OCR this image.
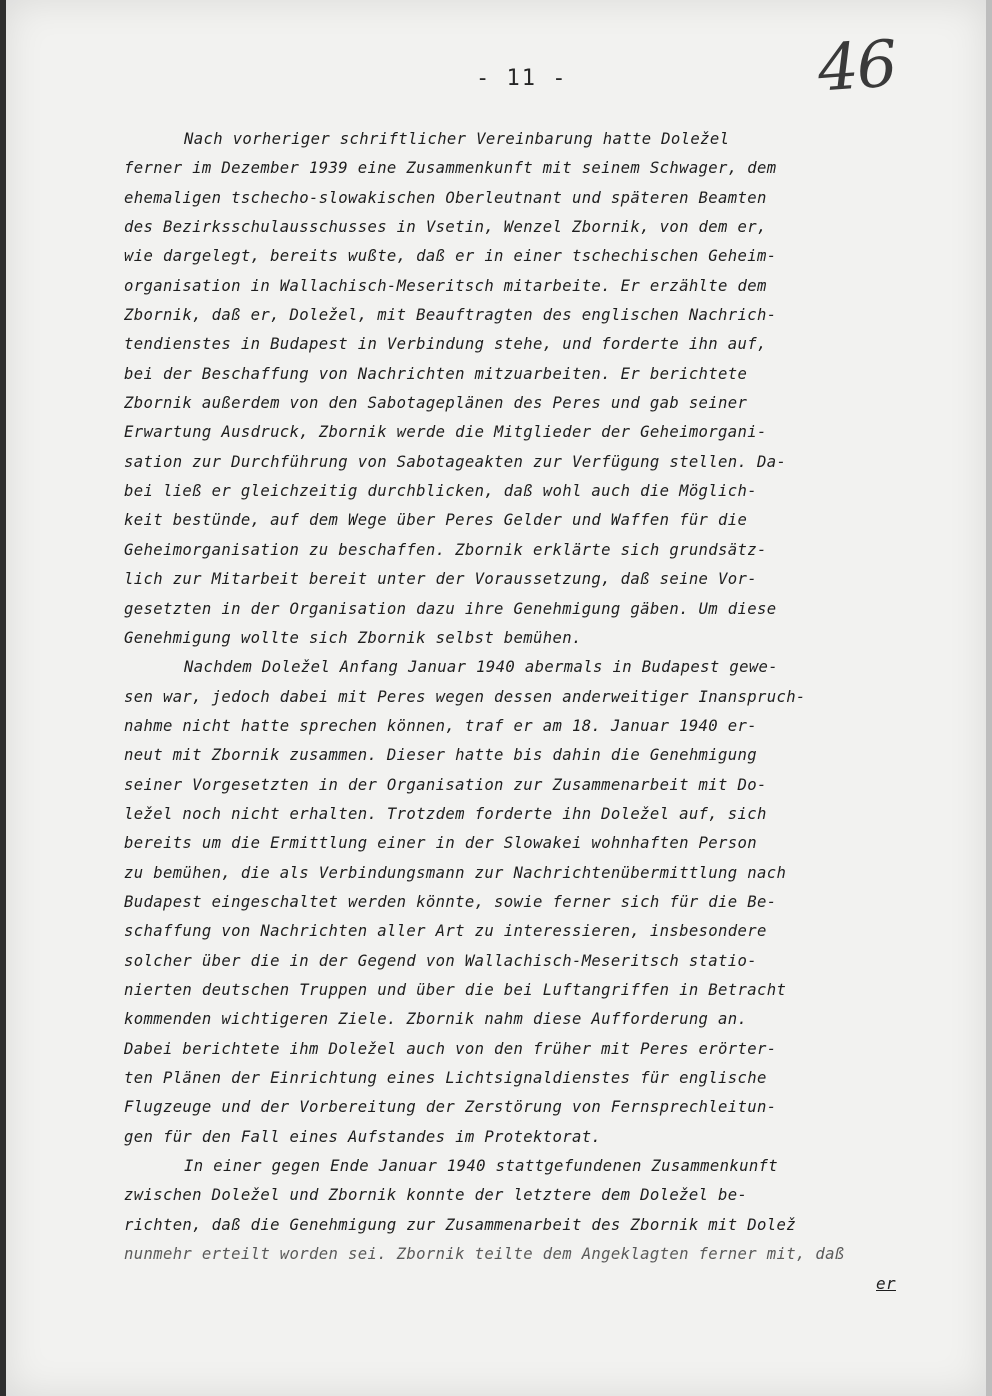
- 11 -	46
Nach vorheriger schriftlicher Vereinbarung hatte Doležel
ferner im Dezember 1939 eine Zusammenkunft mit seinem Schwager, dem
ehemaligen tschecho-slowakischen Oberleutnant und späteren Beamten
des Bezirksschulausschusses in Vsetin, Wenzel Zbornik, von dem er,
wie dargelegt, bereits wußte, daß er in einer tschechischen Geheim-
organisation in Wallachisch-Meseritsch mitarbeite. Er erzählte dem
Zbornik, daß er, Doležel, mit Beauftragten des englischen Nachrich-
tendienstes in Budapest in Verbindung stehe, und forderte ihn auf,
bei der Beschaffung von Nachrichten mitzuarbeiten. Er berichtete
Zbornik außerdem von den Sabotageplänen des Peres und gab seiner
Erwartung Ausdruck, Zbornik werde die Mitglieder der Geheimorgani-
sation zur Durchführung von Sabotageakten zur Verfügung stellen. Da-
bei ließ er gleichzeitig durchblicken, daß wohl auch die Möglich-
keit bestünde, auf dem Wege über Peres Gelder und Waffen für die
Geheimorganisation zu beschaffen. Zbornik erklärte sich grundsätz-
lich zur Mitarbeit bereit unter der Voraussetzung, daß seine Vor-
gesetzten in der Organisation dazu ihre Genehmigung gäben. Um diese
Genehmigung wollte sich Zbornik selbst bemühen.
Nachdem Doležel Anfang Januar 1940 abermals in Budapest gewe-
sen war, jedoch dabei mit Peres wegen dessen anderweitiger Inanspruch-
nahme nicht hatte sprechen können, traf er am 18. Januar 1940 er-
neut mit Zbornik zusammen. Dieser hatte bis dahin die Genehmigung
seiner Vorgesetzten in der Organisation zur Zusammenarbeit mit Do-
ležel noch nicht erhalten. Trotzdem forderte ihn Doležel auf, sich
bereits um die Ermittlung einer in der Slowakei wohnhaften Person
zu bemühen, die als Verbindungsmann zur Nachrichtenübermittlung nach
Budapest eingeschaltet werden könnte, sowie ferner sich für die Be-
schaffung von Nachrichten aller Art zu interessieren, insbesondere
solcher über die in der Gegend von Wallachisch-Meseritsch statio-
nierten deutschen Truppen und über die bei Luftangriffen in Betracht
kommenden wichtigeren Ziele. Zbornik nahm diese Aufforderung an.
Dabei berichtete ihm Doležel auch von den früher mit Peres erörter-
ten Plänen der Einrichtung eines Lichtsignaldienstes für englische
Flugzeuge und der Vorbereitung der Zerstörung von Fernsprechleitun-
gen für den Fall eines Aufstandes im Protektorat.
In einer gegen Ende Januar 1940 stattgefundenen Zusammenkunft
zwischen Doležel und Zbornik konnte der letztere dem Doležel be-
richten, daß die Genehmigung zur Zusammenarbeit des Zbornik mit Dolež
nunmehr erteilt worden sei. Zbornik teilte dem Angeklagten ferner mit, daß
er
